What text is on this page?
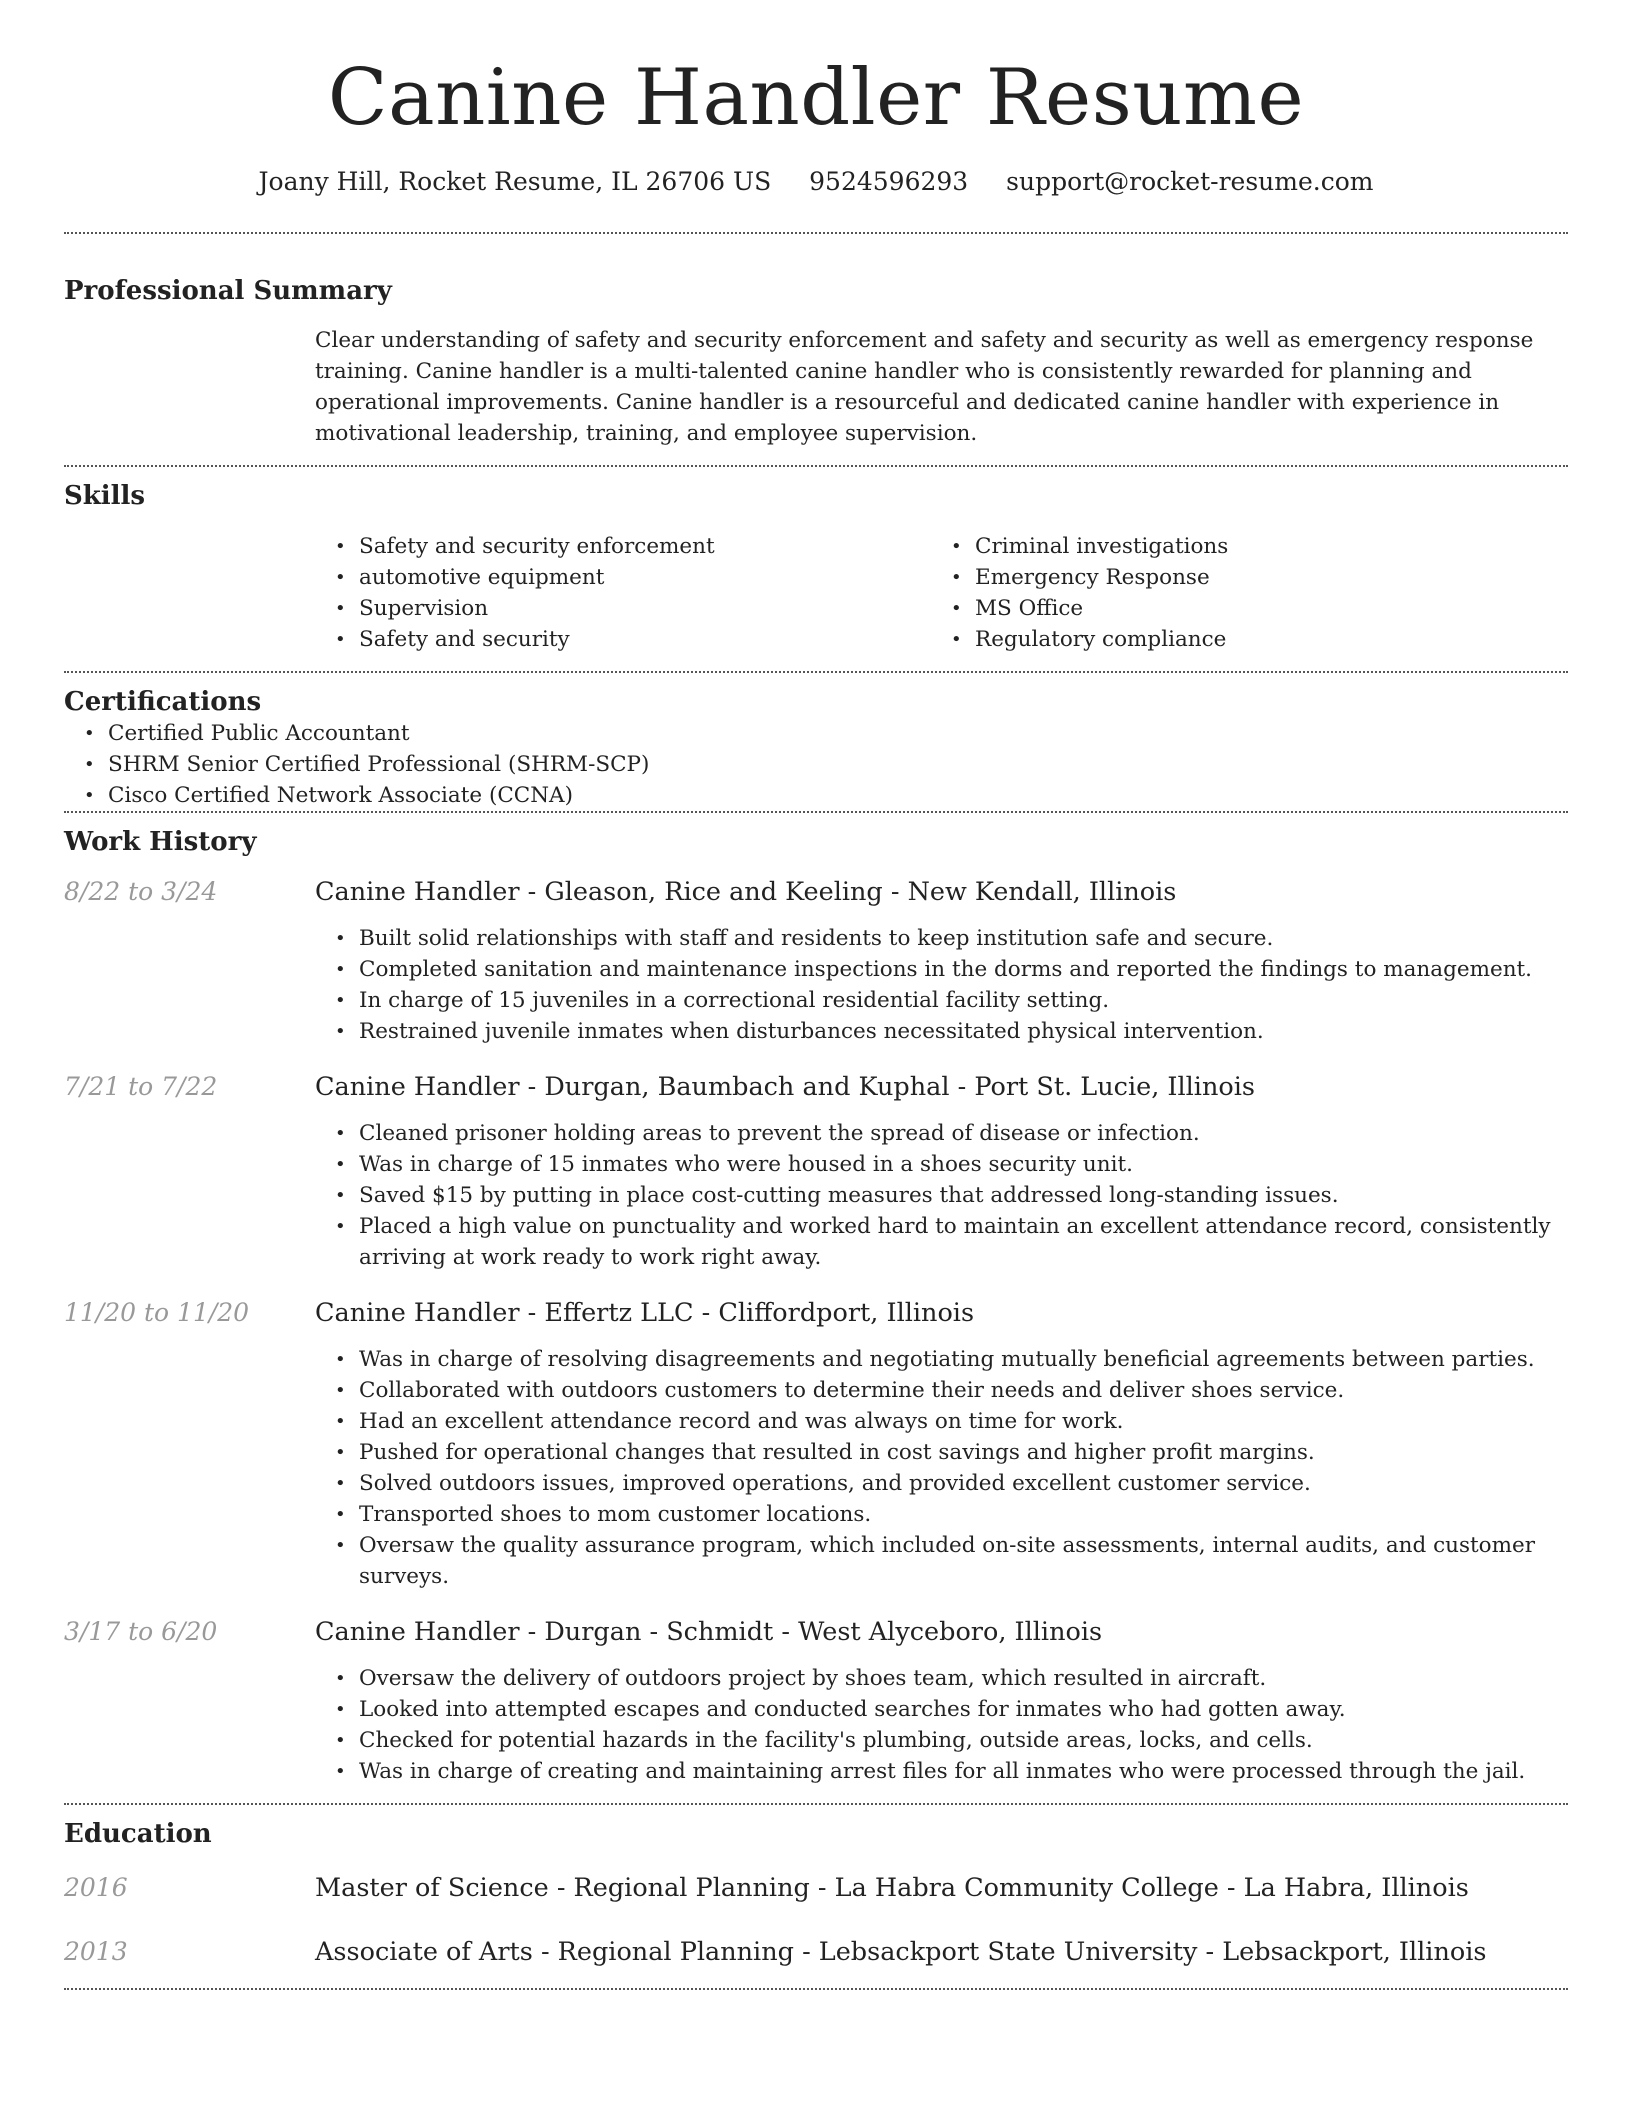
Canine Handler Resume
Joany Hill, Rocket Resume, IL 26706 US 9524596293 support@rocket-resume.com
Professional Summary
Clear understanding of safety and security enforcement and safety and security as well as emergency response training. Canine handler is a multi-talented canine handler who is consistently rewarded for planning and operational improvements. Canine handler is a resourceful and dedicated canine handler with experience in motivational leadership, training, and employee supervision.
Skills
• Safety and security enforcement
• automotive equipment
• Supervision
• Safety and security
• Criminal investigations
• Emergency Response
• MS Office
• Regulatory compliance
Certifications
• Certified Public Accountant
• SHRM Senior Certified Professional (SHRM-SCP)
• Cisco Certified Network Associate (CCNA)
Work History
8/22 to 3/24	Canine Handler - Gleason, Rice and Keeling - New Kendall, Illinois
• Built solid relationships with staff and residents to keep institution safe and secure.
• Completed sanitation and maintenance inspections in the dorms and reported the findings to management.
• In charge of 15 juveniles in a correctional residential facility setting.
• Restrained juvenile inmates when disturbances necessitated physical intervention.
7/21 to 7/22	Canine Handler - Durgan, Baumbach and Kuphal - Port St. Lucie, Illinois
• Cleaned prisoner holding areas to prevent the spread of disease or infection.
• Was in charge of 15 inmates who were housed in a shoes security unit.
• Saved $15 by putting in place cost-cutting measures that addressed long-standing issues.
• Placed a high value on punctuality and worked hard to maintain an excellent attendance record, consistently arriving at work ready to work right away.
11/20 to 11/20	Canine Handler - Effertz LLC - Cliffordport, Illinois
• Was in charge of resolving disagreements and negotiating mutually beneficial agreements between parties.
• Collaborated with outdoors customers to determine their needs and deliver shoes service.
• Had an excellent attendance record and was always on time for work.
• Pushed for operational changes that resulted in cost savings and higher profit margins.
• Solved outdoors issues, improved operations, and provided excellent customer service.
• Transported shoes to mom customer locations.
• Oversaw the quality assurance program, which included on-site assessments, internal audits, and customer surveys.
3/17 to 6/20	Canine Handler - Durgan - Schmidt - West Alyceboro, Illinois
• Oversaw the delivery of outdoors project by shoes team, which resulted in aircraft.
• Looked into attempted escapes and conducted searches for inmates who had gotten away.
• Checked for potential hazards in the facility's plumbing, outside areas, locks, and cells.
• Was in charge of creating and maintaining arrest files for all inmates who were processed through the jail.
Education
2016	Master of Science - Regional Planning - La Habra Community College - La Habra, Illinois
2013	Associate of Arts - Regional Planning - Lebsackport State University - Lebsackport, Illinois
